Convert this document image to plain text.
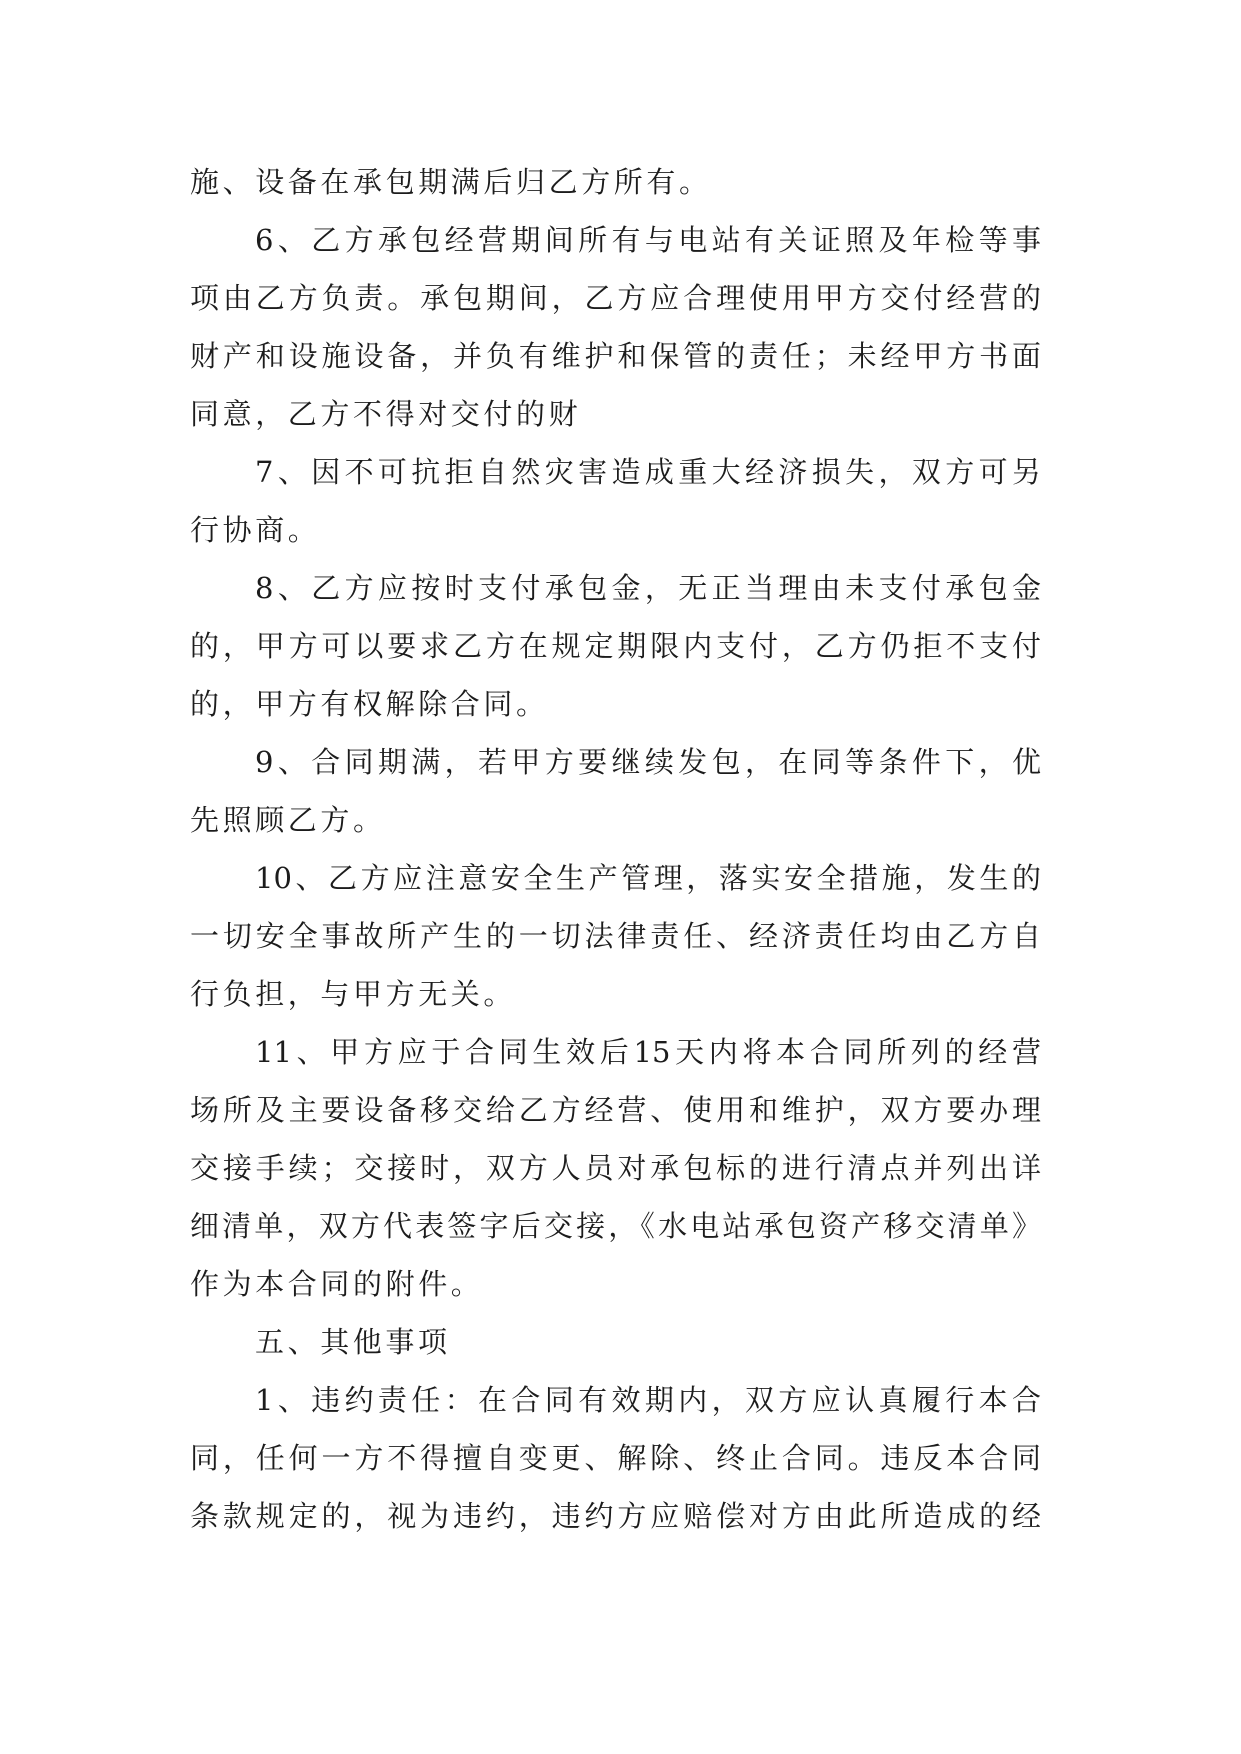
施、设备在承包期满后归乙方所有。
6、乙方承包经营期间所有与电站有关证照及年检等事
项由乙方负责。承包期间，乙方应合理使用甲方交付经营的
财产和设施设备，并负有维护和保管的责任；未经甲方书面
同意，乙方不得对交付的财
7、因不可抗拒自然灾害造成重大经济损失，双方可另
行协商。
8、乙方应按时支付承包金，无正当理由未支付承包金
的，甲方可以要求乙方在规定期限内支付，乙方仍拒不支付
的，甲方有权解除合同。
9、合同期满，若甲方要继续发包，在同等条件下，优
先照顾乙方。
10、乙方应注意安全生产管理，落实安全措施，发生的
一切安全事故所产生的一切法律责任、经济责任均由乙方自
行负担，与甲方无关。
11、甲方应于合同生效后15天内将本合同所列的经营
场所及主要设备移交给乙方经营、使用和维护，双方要办理
交接手续；交接时，双方人员对承包标的进行清点并列出详
细清单，双方代表签字后交接，《水电站承包资产移交清单》
作为本合同的附件。
五、其他事项
1、违约责任：在合同有效期内，双方应认真履行本合
同，任何一方不得擅自变更、解除、终止合同。违反本合同
条款规定的，视为违约，违约方应赔偿对方由此所造成的经
